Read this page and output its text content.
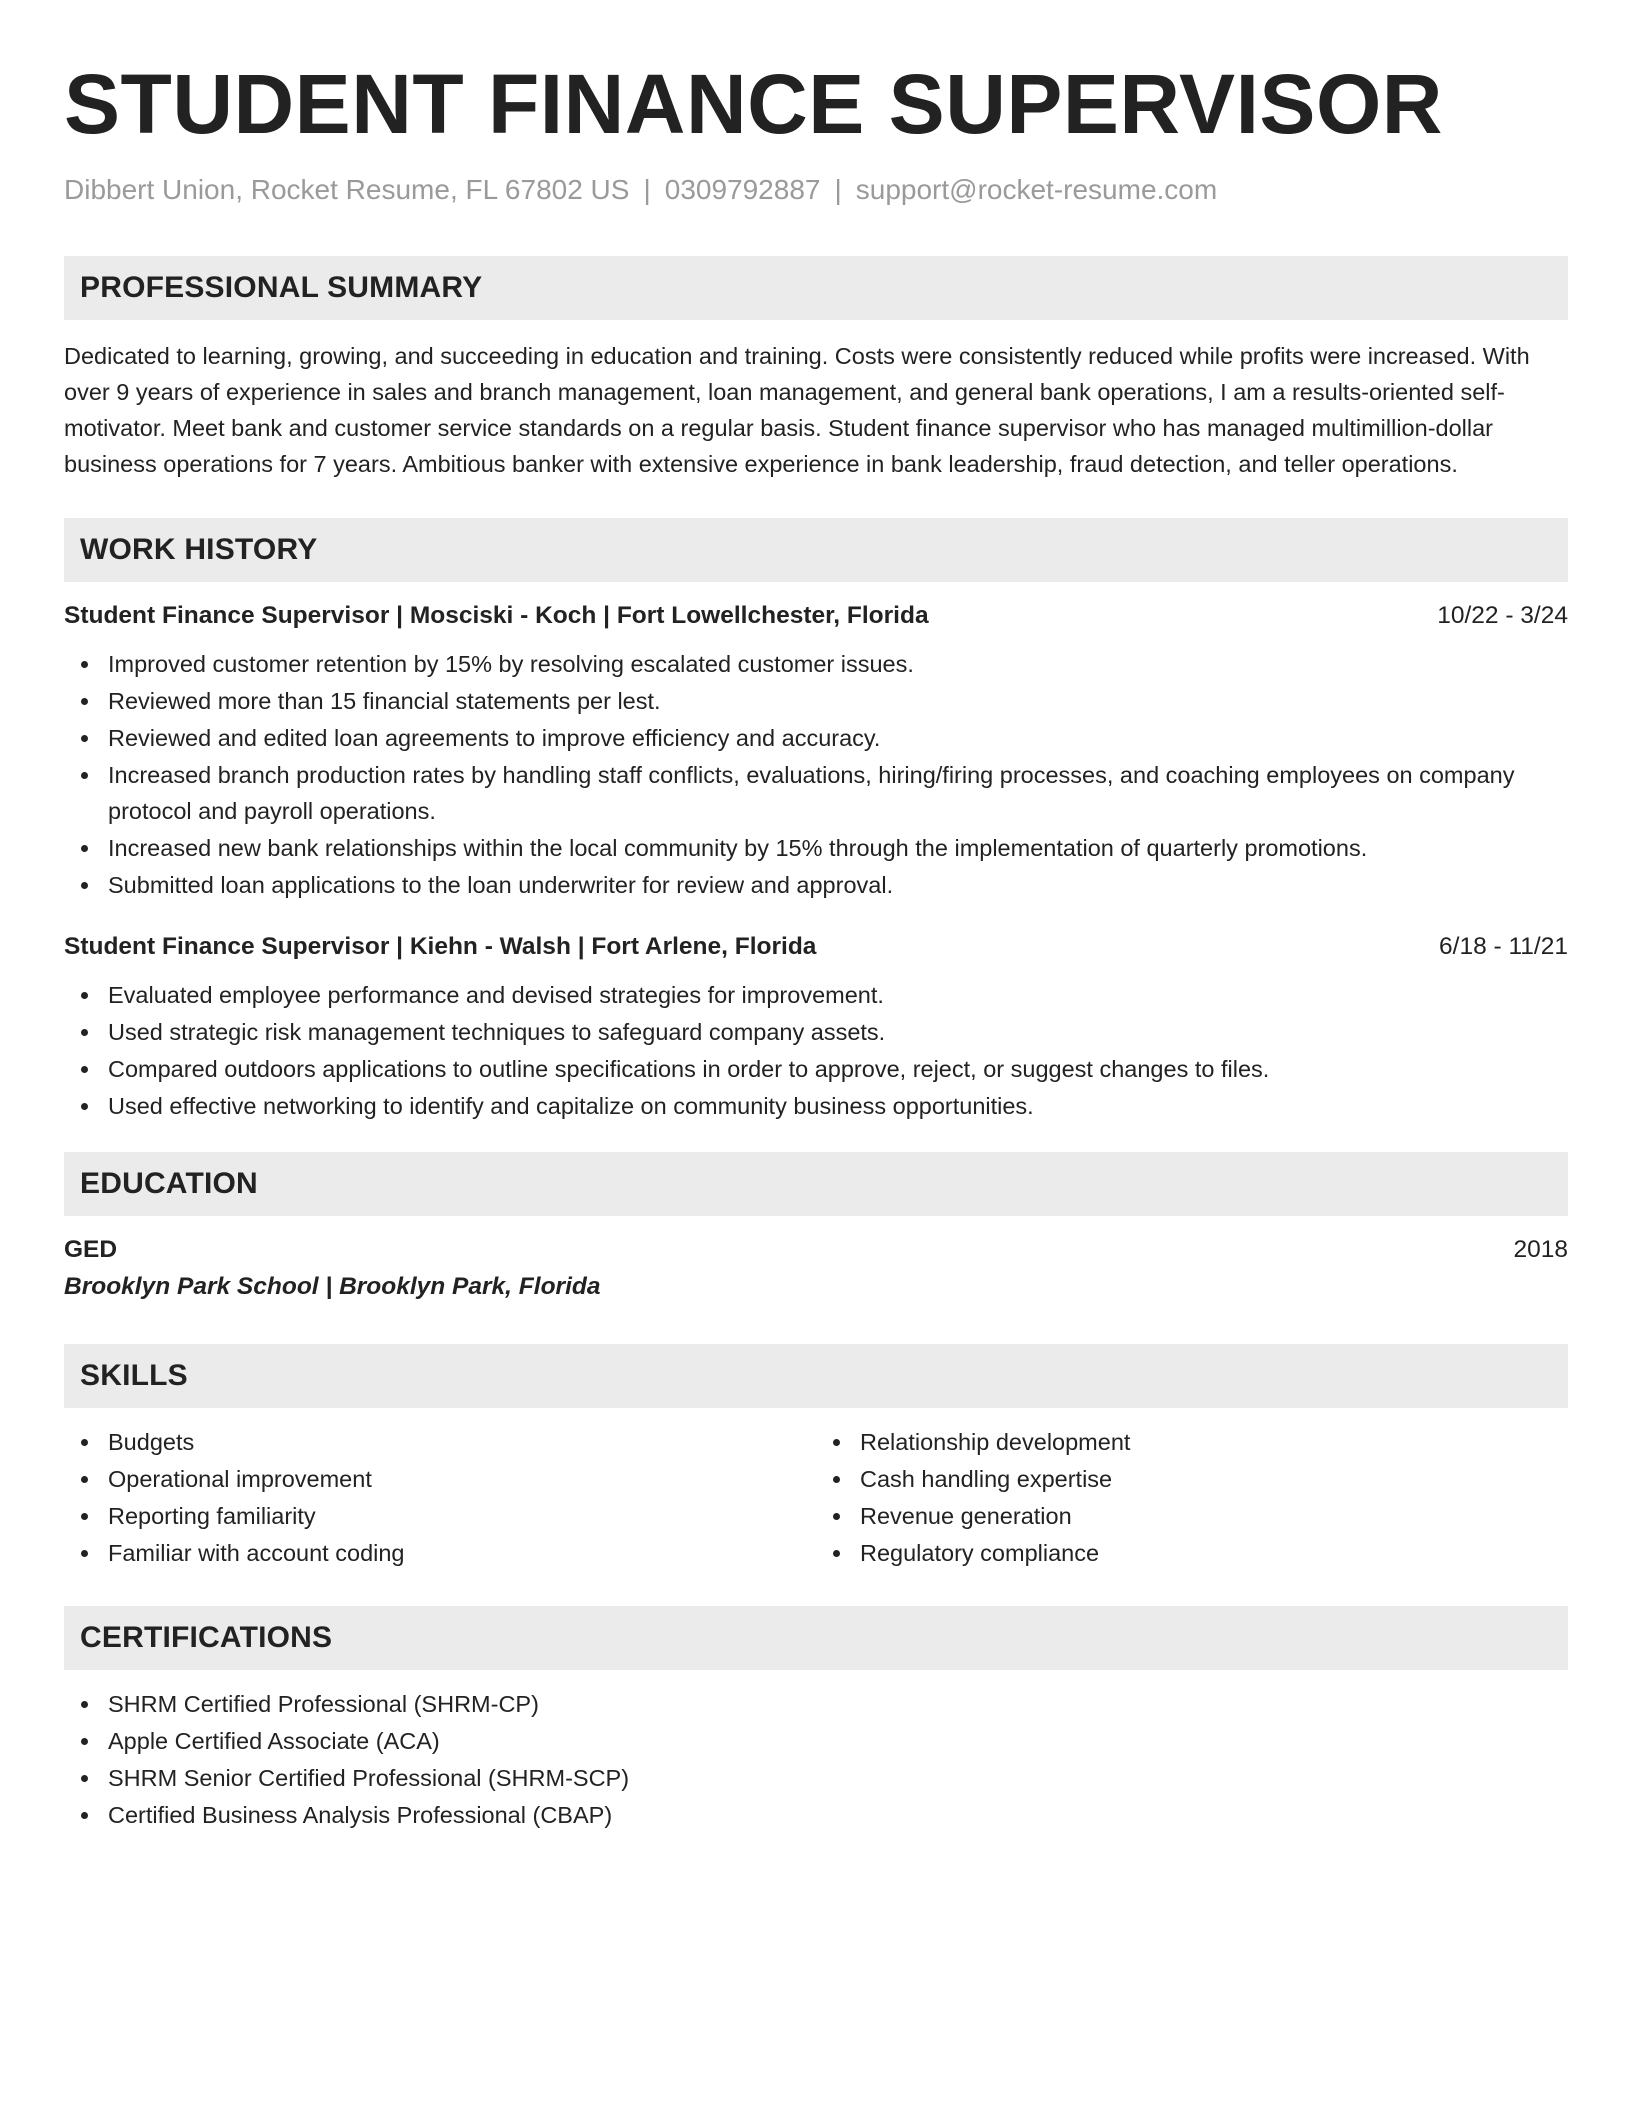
STUDENT FINANCE SUPERVISOR
Dibbert Union, Rocket Resume, FL 67802 US | 0309792887 | support@rocket-resume.com
PROFESSIONAL SUMMARY

Dedicated to learning, growing, and succeeding in education and training. Costs were consistently reduced while profits were increased. With over 9 years of experience in sales and branch management, loan management, and general bank operations, I am a results-oriented self-motivator. Meet bank and customer service standards on a regular basis. Student finance supervisor who has managed multimillion-dollar business operations for 7 years. Ambitious banker with extensive experience in bank leadership, fraud detection, and teller operations.

WORK HISTORY
Student Finance Supervisor | Mosciski - Koch | Fort Lowellchester, Florida	10/22 - 3/24
Improved customer retention by 15% by resolving escalated customer issues.
Reviewed more than 15 financial statements per lest.
Reviewed and edited loan agreements to improve efficiency and accuracy.
Increased branch production rates by handling staff conflicts, evaluations, hiring/firing processes, and coaching employees on company protocol and payroll operations.
Increased new bank relationships within the local community by 15% through the implementation of quarterly promotions.
Submitted loan applications to the loan underwriter for review and approval.
Student Finance Supervisor | Kiehn - Walsh | Fort Arlene, Florida	6/18 - 11/21
Evaluated employee performance and devised strategies for improvement.
Used strategic risk management techniques to safeguard company assets.
Compared outdoors applications to outline specifications in order to approve, reject, or suggest changes to files.
Used effective networking to identify and capitalize on community business opportunities.
EDUCATION
GED	2018
Brooklyn Park School | Brooklyn Park, Florida
SKILLS
Budgets
Operational improvement
Reporting familiarity
Familiar with account coding
Relationship development
Cash handling expertise
Revenue generation
Regulatory compliance
CERTIFICATIONS
SHRM Certified Professional (SHRM-CP)
Apple Certified Associate (ACA)
SHRM Senior Certified Professional (SHRM-SCP)
Certified Business Analysis Professional (CBAP)
